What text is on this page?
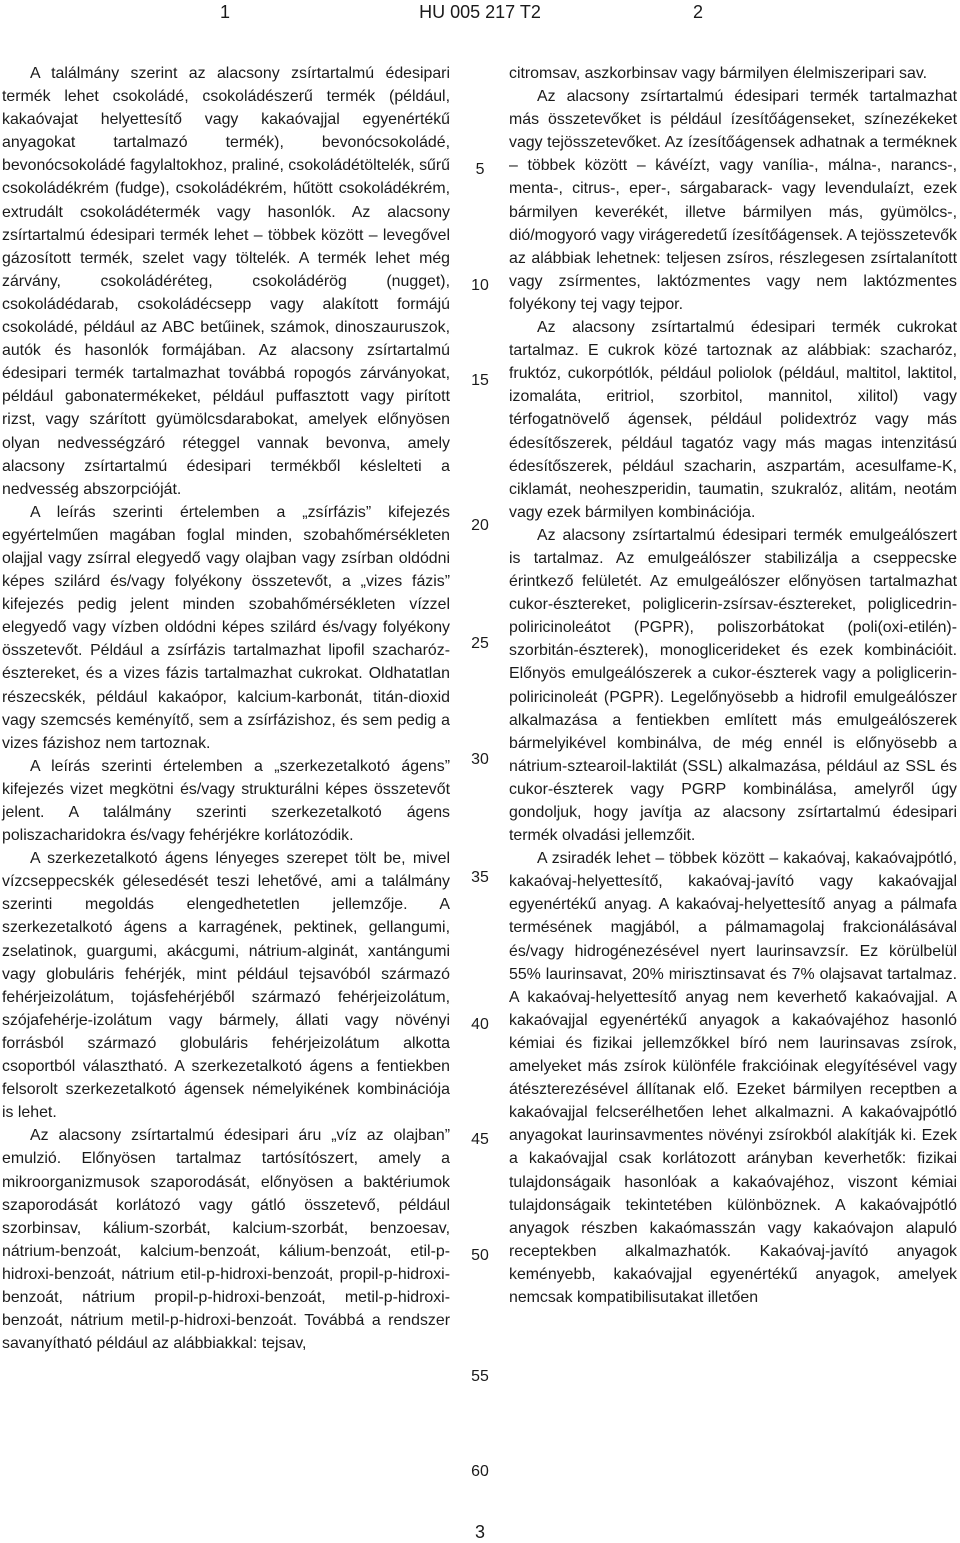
1	HU 005 217 T2	2

A találmány szerint az alacsony zsírtartalmú édesipari termék lehet csokoládé, csokoládészerű termék (például, kakaóvajat helyettesítő vagy kakaóvajjal egyenértékű anyagokat tartalmazó termék), bevonócsokoládé, bevonócsokoládé fagylaltokhoz, praliné, csokoládétöltelék, sűrű csokoládékrém (fudge), csokoládékrém, hűtött csokoládékrém, extrudált csokoládétermék vagy hasonlók. Az alacsony zsírtartalmú édesipari termék lehet – többek között – levegővel gázosított termék, szelet vagy töltelék. A termék lehet még zárvány, csokoládéréteg, csokoládérög (nugget), csokoládédarab, csokoládécsepp vagy alakított formájú csokoládé, például az ABC betűinek, számok, dinoszauruszok, autók és hasonlók formájában. Az alacsony zsírtartalmú édesipari termék tartalmazhat továbbá ropogós zárványokat, például gabonatermékeket, például puffasztott vagy pirított rizst, vagy szárított gyümölcsdarabokat, amelyek előnyösen olyan nedvességzáró réteggel vannak bevonva, amely alacsony zsírtartalmú édesipari termékből késlelteti a nedvesség abszorpcióját.

A leírás szerinti értelemben a „zsírfázis” kifejezés egyértelműen magában foglal minden, szobahőmérsékleten olajjal vagy zsírral elegyedő vagy olajban vagy zsírban oldódni képes szilárd és/vagy folyékony összetevőt, a „vizes fázis” kifejezés pedig jelent minden szobahőmérsékleten vízzel elegyedő vagy vízben oldódni képes szilárd és/vagy folyékony összetevőt. Például a zsírfázis tartalmazhat lipofil szacharóz-észtereket, és a vizes fázis tartalmazhat cukrokat. Oldhatatlan részecskék, például kakaópor, kalcium-karbonát, titán-dioxid vagy szemcsés keményítő, sem a zsírfázishoz, és sem pedig a vizes fázishoz nem tartoznak.

A leírás szerinti értelemben a „szerkezetalkotó ágens” kifejezés vizet megkötni és/vagy strukturálni képes összetevőt jelent. A találmány szerinti szerkezetalkotó ágens poliszacharidokra és/vagy fehérjékre korlátozódik.

A szerkezetalkotó ágens lényeges szerepet tölt be, mivel vízcseppecskék gélesedését teszi lehetővé, ami a találmány szerinti megoldás elengedhetetlen jellemzője. A szerkezetalkotó ágens a karragének, pektinek, gellangumi, zselatinok, guargumi, akácgumi, nátrium-alginát, xantángumi vagy globuláris fehérjék, mint például tejsavóból származó fehérjeizolátum, tojásfehérjéből származó fehérjeizolátum, szójafehérje-izolátum vagy bármely, állati vagy növényi forrásból származó globuláris fehérjeizolátum alkotta csoportból választható. A szerkezetalkotó ágens a fentiekben felsorolt szerkezetalkotó ágensek némelyikének kombinációja is lehet.

Az alacsony zsírtartalmú édesipari áru „víz az olajban” emulzió. Előnyösen tartalmaz tartósítószert, amely a mikroorganizmusok szaporodását, előnyösen a baktériumok szaporodását korlátozó vagy gátló összetevő, például szorbinsav, kálium-szorbát, kalcium-szorbát, benzoesav, nátrium-benzoát, kalcium-benzoát, kálium-benzoát, etil-p-hidroxi-benzoát, nátrium etil-p-hidroxi-benzoát, propil-p-hidroxi-benzoát, nátrium propil-p-hidroxi-benzoát, metil-p-hidroxi-benzoát, nátrium metil-p-hidroxi-benzoát. Továbbá a rendszer savanyítható például az alábbiakkal: tejsav,

5
10
15
20
25
30
35
40
45
50
55
60

citromsav, aszkorbinsav vagy bármilyen élelmiszeripari sav.

Az alacsony zsírtartalmú édesipari termék tartalmazhat más összetevőket is például ízesítőágenseket, színezékeket vagy tejösszetevőket. Az ízesítőágensek adhatnak a terméknek – többek között – kávéízt, vagy vanília-, málna-, narancs-, menta-, citrus-, eper-, sárgabarack- vagy levendulaízt, ezek bármilyen keverékét, illetve bármilyen más, gyümölcs-, dió/mogyoró vagy virágeredetű ízesítőágensek. A tejösszetevők az alábbiak lehetnek: teljesen zsíros, részlegesen zsírtalanított vagy zsírmentes, laktózmentes vagy nem laktózmentes folyékony tej vagy tejpor.

Az alacsony zsírtartalmú édesipari termék cukrokat tartalmaz. E cukrok közé tartoznak az alábbiak: szacharóz, fruktóz, cukorpótlók, például poliolok (például, maltitol, laktitol, izomaláta, eritriol, szorbitol, mannitol, xilitol) vagy térfogatnövelő ágensek, például polidextróz vagy más édesítőszerek, például tagatóz vagy más magas intenzitású édesítőszerek, például szacharin, aszpartám, acesulfame-K, ciklamát, neoheszperidin, taumatin, szukralóz, alitám, neotám vagy ezek bármilyen kombinációja.

Az alacsony zsírtartalmú édesipari termék emulgeálószert is tartalmaz. Az emulgeálószer stabilizálja a cseppecske érintkező felületét. Az emulgeálószer előnyösen tartalmazhat cukor-észtereket, poliglicerin-zsírsav-észtereket, poliglicedrin-poliricinoleátot (PGPR), poliszorbátokat (poli(oxi-etilén)-szorbitán-észterek), monoglicerideket és ezek kombinációit. Előnyös emulgeálószerek a cukor-észterek vagy a poliglicerin-poliricinoleát (PGPR). Legelőnyösebb a hidrofil emulgeálószer alkalmazása a fentiekben említett más emulgeálószerek bármelyikével kombinálva, de még ennél is előnyösebb a nátrium-sztearoil-laktilát (SSL) alkalmazása, például az SSL és cukor-észterek vagy PGRP kombinálása, amelyről úgy gondoljuk, hogy javítja az alacsony zsírtartalmú édesipari termék olvadási jellemzőit.

A zsiradék lehet – többek között – kakaóvaj, kakaóvajpótló, kakaóvaj-helyettesítő, kakaóvaj-javító vagy kakaóvajjal egyenértékű anyag. A kakaóvaj-helyettesítő anyag a pálmafa termésének magjából, a pálmamagolaj frakcionálásával és/vagy hidrogénezésével nyert laurinsavzsír. Ez körülbelül 55% laurinsavat, 20% mirisztinsavat és 7% olajsavat tartalmaz. A kakaóvaj-helyettesítő anyag nem keverhető kakaóvajjal. A kakaóvajjal egyenértékű anyagok a kakaóvajéhoz hasonló kémiai és fizikai jellemzőkkel bíró nem laurinsavas zsírok, amelyeket más zsírok különféle frakcióinak elegyítésével vagy átészterezésével állítanak elő. Ezeket bármilyen receptben a kakaóvajjal felcserélhetően lehet alkalmazni. A kakaóvajpótló anyagokat laurinsavmentes növényi zsírokból alakítják ki. Ezek a kakaóvajjal csak korlátozott arányban keverhetők: fizikai tulajdonságaik hasonlóak a kakaóvajéhoz, viszont kémiai tulajdonságaik tekintetében különböznek. A kakaóvajpótló anyagok részben kakaómasszán vagy kakaóvajon alapuló receptekben alkalmazhatók. Kakaóvaj-javító anyagok keményebb, kakaóvajjal egyenértékű anyagok, amelyek nemcsak kompatibilisutakat illetően

3
